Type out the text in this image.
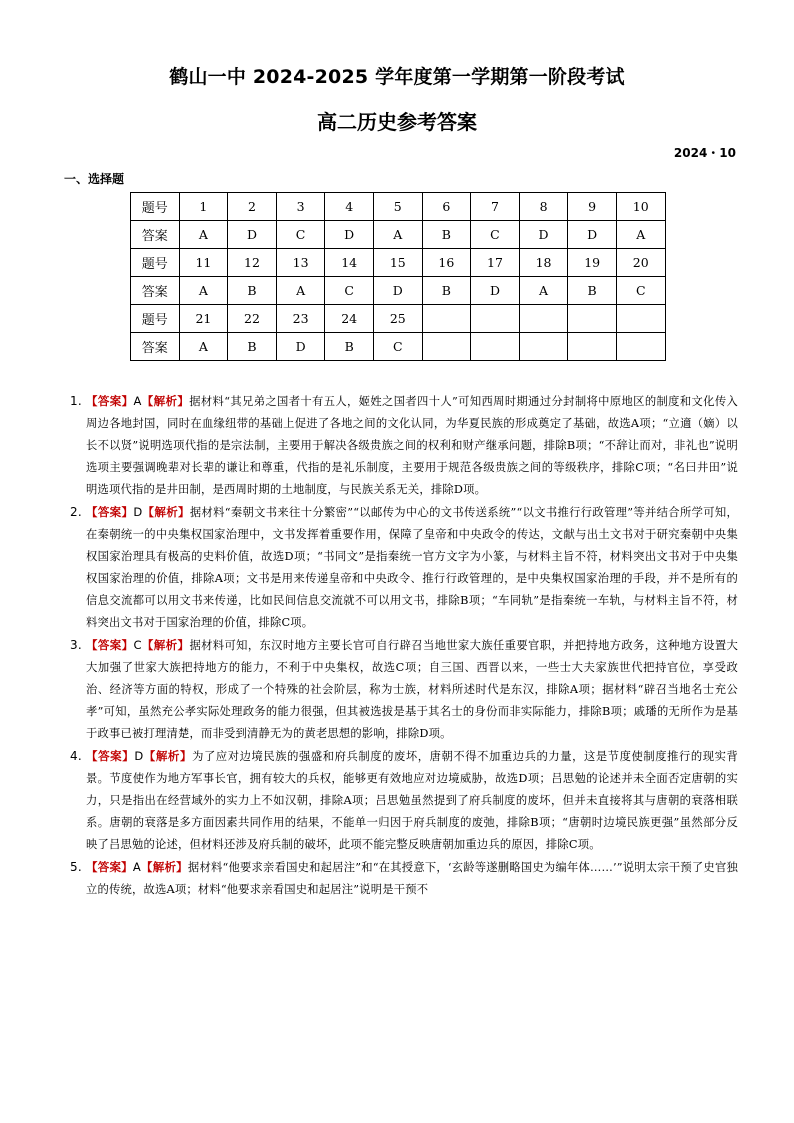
鹤山一中 2024-2025 学年度第一学期第一阶段考试
高二历史参考答案
2024・10
一、选择题
题号	1	2	3	4	5	6	7	8	9	10
答案	A	D	C	D	A	B	C	D	D	A
题号	11	12	13	14	15	16	17	18	19	20
答案	A	B	A	C	D	B	D	A	B	C
题号	21	22	23	24	25					
答案	A	B	D	B	C					
1. 【答案】A【解析】据材料“其兄弟之国者十有五人，姬姓之国者四十人”可知西周时期通过分封制将中原地区的制度和文化传入周边各地封国，同时在血缘纽带的基础上促进了各地之间的文化认同，为华夏民族的形成奠定了基础，故选A项；“立適（嫡）以长不以贤”说明选项代指的是宗法制，主要用于解决各级贵族之间的权利和财产继承问题，排除B项；“不辞让而对，非礼也”说明选项主要强调晚辈对长辈的谦让和尊重，代指的是礼乐制度，主要用于规范各级贵族之间的等级秩序，排除C项；“名曰井田”说明选项代指的是井田制，是西周时期的土地制度，与民族关系无关，排除D项。
2. 【答案】D【解析】据材料“秦朝文书来往十分繁密”“以邮传为中心的文书传送系统”“以文书推行行政管理”等并结合所学可知，在秦朝统一的中央集权国家治理中，文书发挥着重要作用，保障了皇帝和中央政令的传达，文献与出土文书对于研究秦朝中央集权国家治理具有极高的史料价值，故选D项；“书同文”是指秦统一官方文字为小篆，与材料主旨不符，材料突出文书对于中央集权国家治理的价值，排除A项；文书是用来传递皇帝和中央政令、推行行政管理的，是中央集权国家治理的手段，并不是所有的信息交流都可以用文书来传递，比如民间信息交流就不可以用文书，排除B项；“车同轨”是指秦统一车轨，与材料主旨不符，材料突出文书对于国家治理的价值，排除C项。
3. 【答案】C【解析】据材料可知，东汉时地方主要长官可自行辟召当地世家大族任重要官职，并把持地方政务，这种地方设置大大加强了世家大族把持地方的能力，不利于中央集权，故选C项；自三国、西晋以来，一些士大夫家族世代把持官位，享受政治、经济等方面的特权，形成了一个特殊的社会阶层，称为士族，材料所述时代是东汉，排除A项；据材料“辟召当地名士充公孝”可知，虽然充公孝实际处理政务的能力很强，但其被选拔是基于其名士的身份而非实际能力，排除B项；戚璠的无所作为是基于政事已被打理清楚，而非受到清静无为的黄老思想的影响，排除D项。
4. 【答案】D【解析】为了应对边境民族的强盛和府兵制度的废坏，唐朝不得不加重边兵的力量，这是节度使制度推行的现实背景。节度使作为地方军事长官，拥有较大的兵权，能够更有效地应对边境威胁，故选D项；吕思勉的论述并未全面否定唐朝的实力，只是指出在经营域外的实力上不如汉朝，排除A项；吕思勉虽然提到了府兵制度的废坏，但并未直接将其与唐朝的衰落相联系。唐朝的衰落是多方面因素共同作用的结果，不能单一归因于府兵制度的废弛，排除B项；“唐朝时边境民族更强”虽然部分反映了吕思勉的论述，但材料还涉及府兵制的破坏，此项不能完整反映唐朝加重边兵的原因，排除C项。
5. 【答案】A【解析】据材料“他要求亲看国史和起居注”和“在其授意下，‘玄龄等遂删略国史为编年体……’”说明太宗干预了史官独立的传统，故选A项；材料“他要求亲看国史和起居注”说明是干预不
